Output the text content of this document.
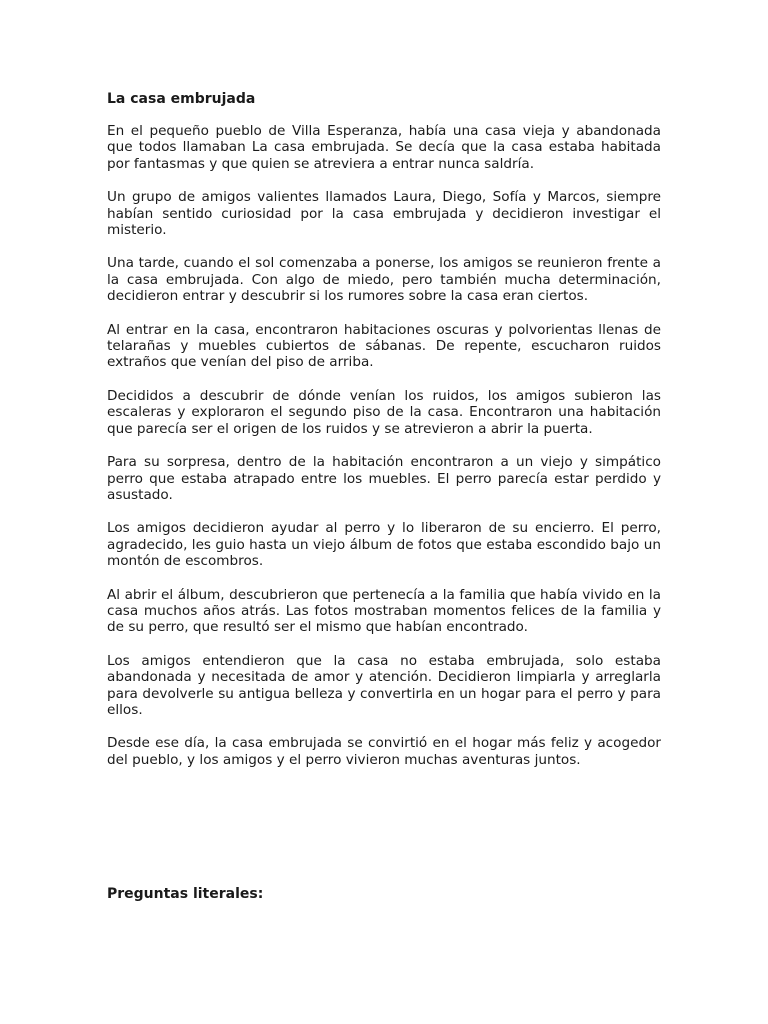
La casa embrujada

En el pequeño pueblo de Villa Esperanza, había una casa vieja y abandonada que todos llamaban La casa embrujada. Se decía que la casa estaba habitada por fantasmas y que quien se atreviera a entrar nunca saldría.

Un grupo de amigos valientes llamados Laura, Diego, Sofía y Marcos, siempre habían sentido curiosidad por la casa embrujada y decidieron investigar el misterio.

Una tarde, cuando el sol comenzaba a ponerse, los amigos se reunieron frente a la casa embrujada. Con algo de miedo, pero también mucha determinación, decidieron entrar y descubrir si los rumores sobre la casa eran ciertos.

Al entrar en la casa, encontraron habitaciones oscuras y polvorientas llenas de telarañas y muebles cubiertos de sábanas. De repente, escucharon ruidos extraños que venían del piso de arriba.

Decididos a descubrir de dónde venían los ruidos, los amigos subieron las escaleras y exploraron el segundo piso de la casa. Encontraron una habitación que parecía ser el origen de los ruidos y se atrevieron a abrir la puerta.

Para su sorpresa, dentro de la habitación encontraron a un viejo y simpático perro que estaba atrapado entre los muebles. El perro parecía estar perdido y asustado.

Los amigos decidieron ayudar al perro y lo liberaron de su encierro. El perro, agradecido, les guio hasta un viejo álbum de fotos que estaba escondido bajo un montón de escombros.

Al abrir el álbum, descubrieron que pertenecía a la familia que había vivido en la casa muchos años atrás. Las fotos mostraban momentos felices de la familia y de su perro, que resultó ser el mismo que habían encontrado.

Los amigos entendieron que la casa no estaba embrujada, solo estaba abandonada y necesitada de amor y atención. Decidieron limpiarla y arreglarla para devolverle su antigua belleza y convertirla en un hogar para el perro y para ellos.

Desde ese día, la casa embrujada se convirtió en el hogar más feliz y acogedor del pueblo, y los amigos y el perro vivieron muchas aventuras juntos.

Preguntas literales:
